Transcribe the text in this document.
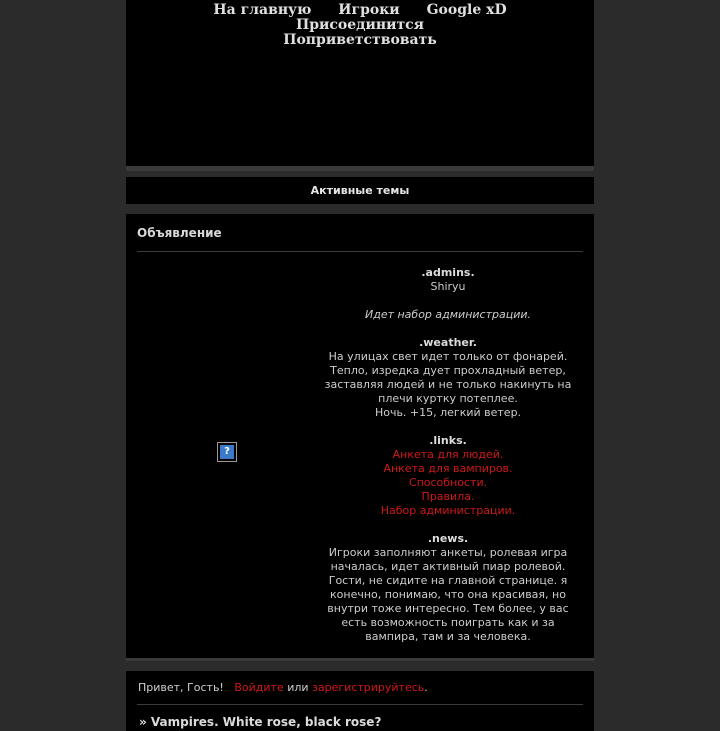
На главную Игроки Google xD Присоединится
Поприветствовать
Активные темы
Объявление
?
.admins.
Shiryu
Идет набор администрации.
.weather.
На улицах свет идет только от фонарей. Тепло, изредка дует прохладный ветер, заставляя людей и не только накинуть на плечи куртку потеплее.
Ночь. +15, легкий ветер.
.links.
Анкета для людей.
Анкета для вампиров.
Способности.
Правила.
Набор администрации.
.news.
Игроки заполняют анкеты, ролевая игра началась, идет активный пиар ролевой. Гости, не сидите на главной странице. я конечно, понимаю, что она красивая, но внутри тоже интересно. Тем более, у вас есть возможность поиграть как и за вампира, там и за человека.
Привет, Гость! Войдите или зарегистрируйтесь.
» Vampires. White rose, black rose?
